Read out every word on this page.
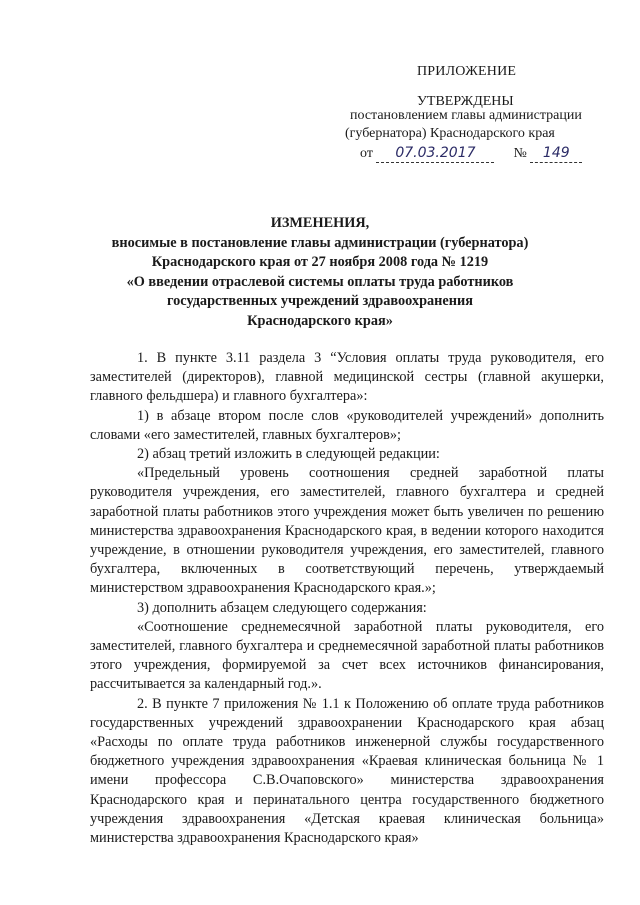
ПРИЛОЖЕНИЕ
УТВЕРЖДЕНЫ
постановлением главы администрации
(губернатора) Краснодарского края
от 07.03.2017	№ 149
ИЗМЕНЕНИЯ,
вносимые в постановление главы администрации (губернатора)
Краснодарского края от 27 ноября 2008 года № 1219
«О введении отраслевой системы оплаты труда работников
государственных учреждений здравоохранения
Краснодарского края»

1. В пункте 3.11 раздела 3 “Условия оплаты труда руководителя, его заместителей (директоров), главной медицинской сестры (главной акушерки, главного фельдшера) и главного бухгалтера»:

1) в абзаце втором после слов «руководителей учреждений» дополнить словами «его заместителей, главных бухгалтеров»;

2) абзац третий изложить в следующей редакции:

«Предельный уровень соотношения средней заработной платы руководителя учреждения, его заместителей, главного бухгалтера и средней заработной платы работников этого учреждения может быть увеличен по решению министерства здравоохранения Краснодарского края, в ведении которого находится учреждение, в отношении руководителя учреждения, его заместителей, главного бухгалтера, включенных в соответствующий перечень, утверждаемый министерством здравоохранения Краснодарского края.»;

3) дополнить абзацем следующего содержания:

«Соотношение среднемесячной заработной платы руководителя, его заместителей, главного бухгалтера и среднемесячной заработной платы работников этого учреждения, формируемой за счет всех источников финансирования, рассчитывается за календарный год.».

2. В пункте 7 приложения № 1.1 к Положению об оплате труда работников государственных учреждений здравоохранении Краснодарского края абзац «Расходы по оплате труда работников инженерной службы государственного бюджетного учреждения здравоохранения «Краевая клиническая больница № 1 имени профессора С.В.Очаповского» министерства здравоохранения Краснодарского края и перинатального центра государственного бюджетного учреждения здравоохранения «Детская краевая клиническая больница» министерства здравоохранения Краснодарского края»
